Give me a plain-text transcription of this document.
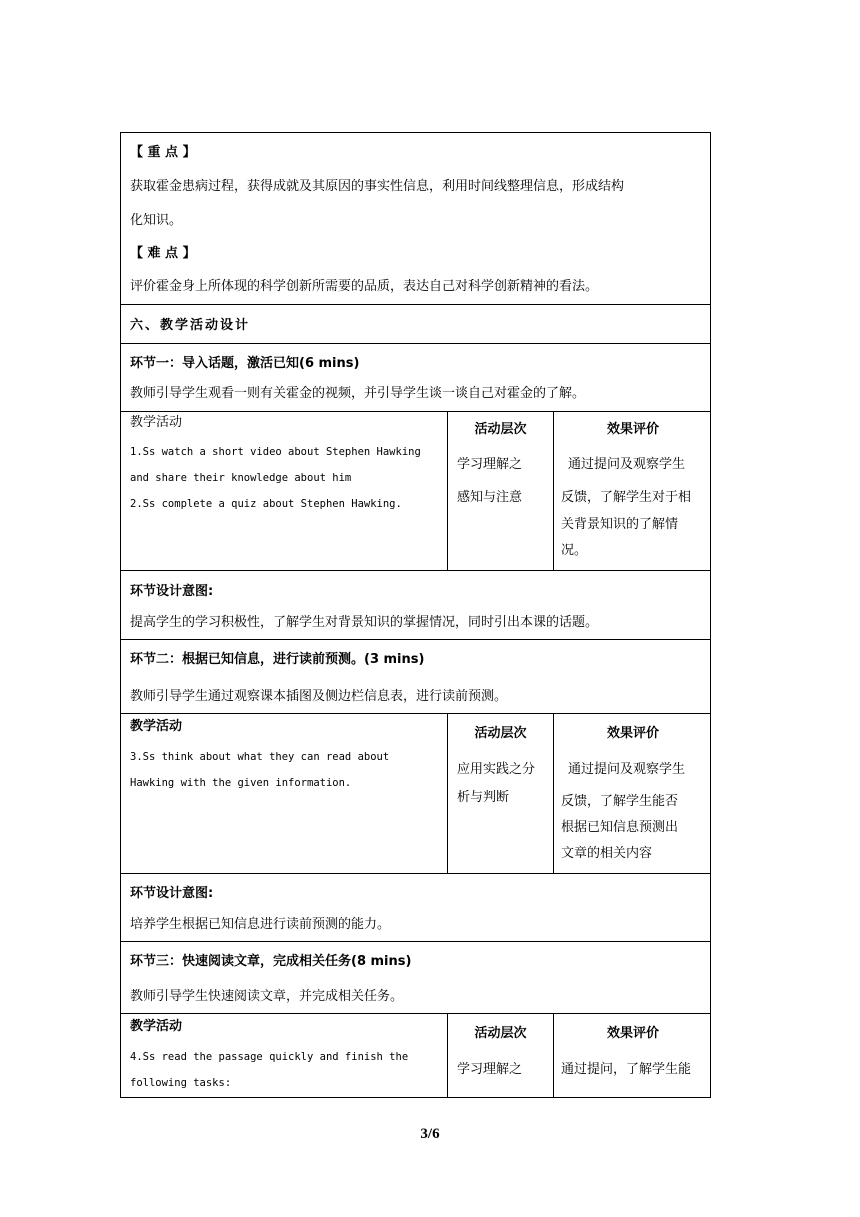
【 重 点 】
获取霍金患病过程，获得成就及其原因的事实性信息，利用时间线整理信息，形成结构
化知识。
【 难 点 】
评价霍金身上所体现的科学创新所需要的品质，表达自己对科学创新精神的看法。
六、教学活动设计
环节一：导入话题，激活已知(6 mins)
教师引导学生观看一则有关霍金的视频，并引导学生谈一谈自己对霍金的了解。
教学活动
1.Ss watch a short video about Stephen Hawking
and share their knowledge about him
2.Ss complete a quiz about Stephen Hawking.
活动层次
学习理解之
感知与注意
效果评价
通过提问及观察学生
反馈，了解学生对于相
关背景知识的了解情
况。
环节设计意图:
提高学生的学习积极性，了解学生对背景知识的掌握情况，同时引出本课的话题。
环节二：根据已知信息，进行读前预测。(3 mins)
教师引导学生通过观察课本插图及侧边栏信息表，进行读前预测。
教学活动
3.Ss think about what they can read about
Hawking with the given information.
活动层次
应用实践之分
析与判断
效果评价
通过提问及观察学生
反馈，了解学生能否
根据已知信息预测出
文章的相关内容
环节设计意图:
培养学生根据已知信息进行读前预测的能力。
环节三：快速阅读文章，完成相关任务(8 mins)
教师引导学生快速阅读文章，并完成相关任务。
教学活动
4.Ss read the passage quickly and finish the
following tasks:
活动层次
学习理解之
效果评价
通过提问，了解学生能
3/6
